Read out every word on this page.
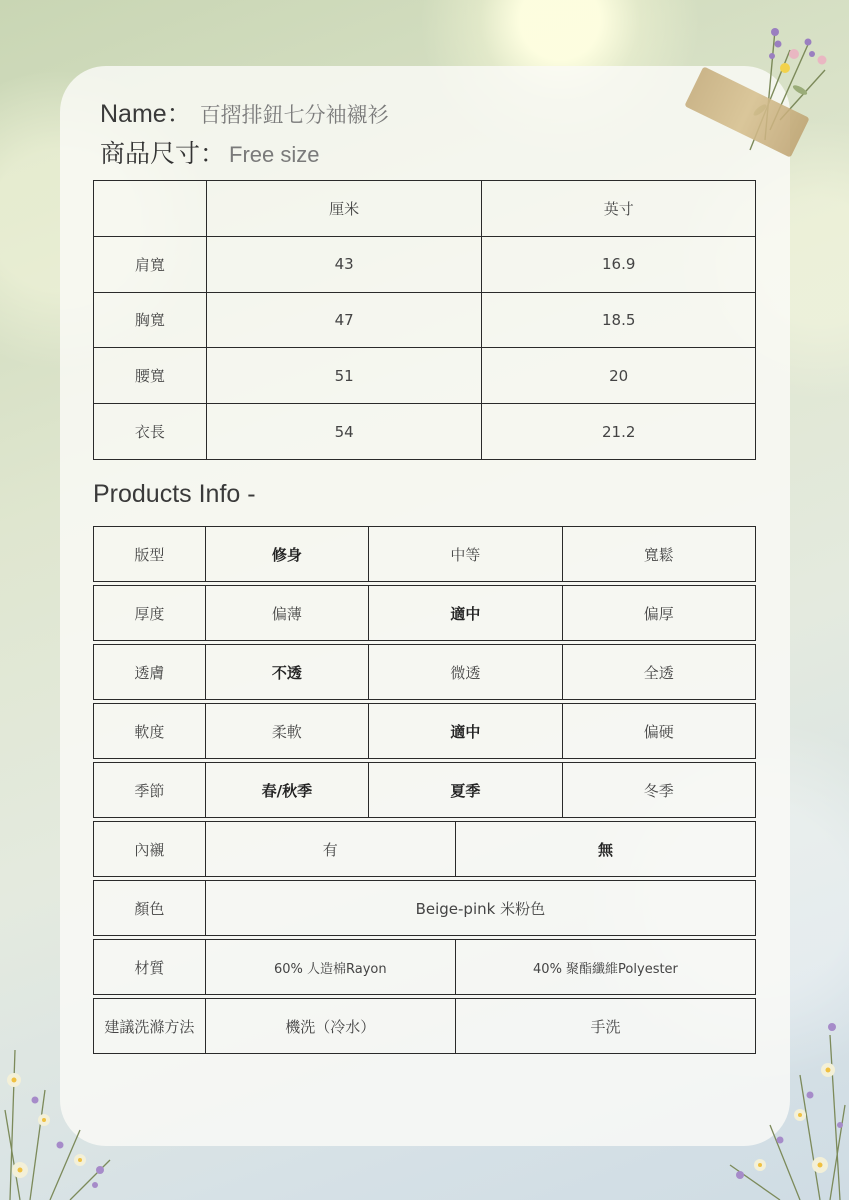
Name： 百摺排鈕七分袖襯衫
商品尺寸： Free size
	厘米	英寸
肩寬	43	16.9
胸寬	47	18.5
腰寬	51	20
衣長	54	21.2
Products Info -
版型	修身	中等	寬鬆
厚度	偏薄	適中	偏厚
透膚	不透	微透	全透
軟度	柔軟	適中	偏硬
季節	春/秋季	夏季	冬季
內襯	有	無
顏色	Beige-pink 米粉色
材質	60% 人造棉Rayon	40% 聚酯纖維Polyester
建議洗滌方法	機洗（冷水）	手洗
